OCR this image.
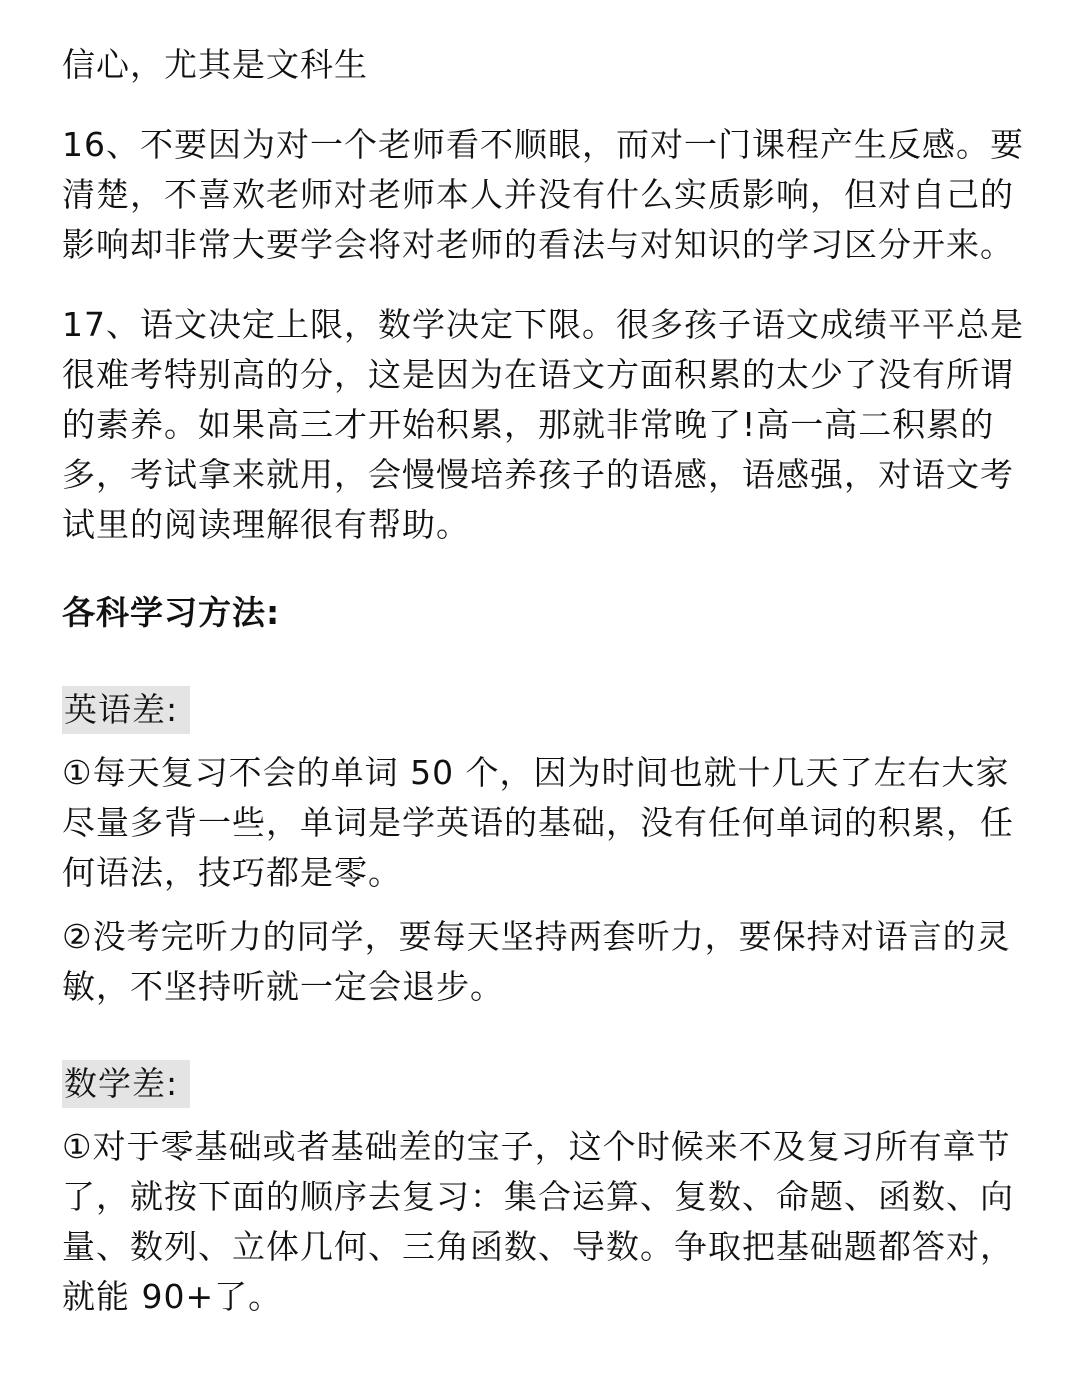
信心，尤其是文科生

16、不要因为对一个老师看不顺眼，而对一门课程产生反感。要清楚，不喜欢老师对老师本人并没有什么实质影响，但对自己的影响却非常大要学会将对老师的看法与对知识的学习区分开来。

17、语文决定上限，数学决定下限。很多孩子语文成绩平平总是很难考特别高的分，这是因为在语文方面积累的太少了没有所谓的素养。如果高三才开始积累，那就非常晚了!高一高二积累的多，考试拿来就用，会慢慢培养孩子的语感，语感强，对语文考试里的阅读理解很有帮助。

各科学习方法:
英语差:

①每天复习不会的单词 50 个，因为时间也就十几天了左右大家尽量多背一些，单词是学英语的基础，没有任何单词的积累，任何语法，技巧都是零。

②没考完听力的同学，要每天坚持两套听力，要保持对语言的灵敏，不坚持听就一定会退步。

数学差:

①对于零基础或者基础差的宝子，这个时候来不及复习所有章节了，就按下面的顺序去复习：集合运算、复数、命题、函数、向量、数列、立体几何、三角函数、导数。争取把基础题都答对，就能 90+了。
